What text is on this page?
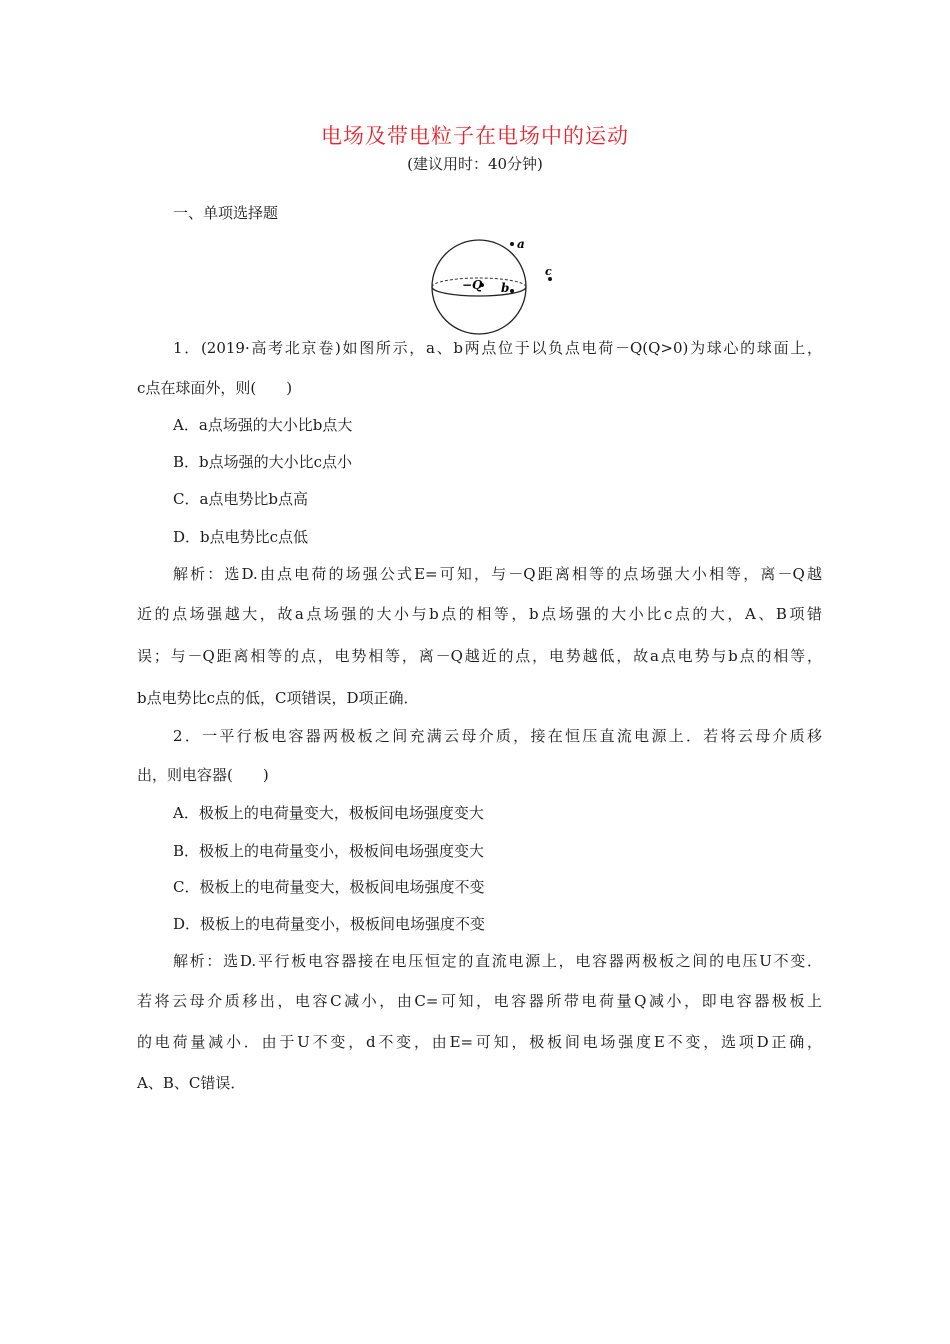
电场及带电粒子在电场中的运动
(建议用时：40分钟)
一、单项选择题
−Q
a
b
c
1．(2019·高考北京卷)如图所示，a、b两点位于以负点电荷－Q(Q>0)为球心的球面上，
c点在球面外，则(　　)
A．a点场强的大小比b点大
B．b点场强的大小比c点小
C．a点电势比b点高
D．b点电势比c点低
解析：选D.由点电荷的场强公式E=可知，与－Q距离相等的点场强大小相等，离－Q越
近的点场强越大，故a点场强的大小与b点的相等，b点场强的大小比c点的大，A、B项错
误；与－Q距离相等的点，电势相等，离－Q越近的点，电势越低，故a点电势与b点的相等，
b点电势比c点的低，C项错误，D项正确．
2．一平行板电容器两极板之间充满云母介质，接在恒压直流电源上．若将云母介质移
出，则电容器(　　)
A．极板上的电荷量变大，极板间电场强度变大
B．极板上的电荷量变小，极板间电场强度变大
C．极板上的电荷量变大，极板间电场强度不变
D．极板上的电荷量变小，极板间电场强度不变
解析：选D.平行板电容器接在电压恒定的直流电源上，电容器两极板之间的电压U不变．
若将云母介质移出，电容C减小，由C=可知，电容器所带电荷量Q减小，即电容器极板上
的电荷量减小．由于U不变，d不变，由E=可知，极板间电场强度E不变，选项D正确，
A、B、C错误．
